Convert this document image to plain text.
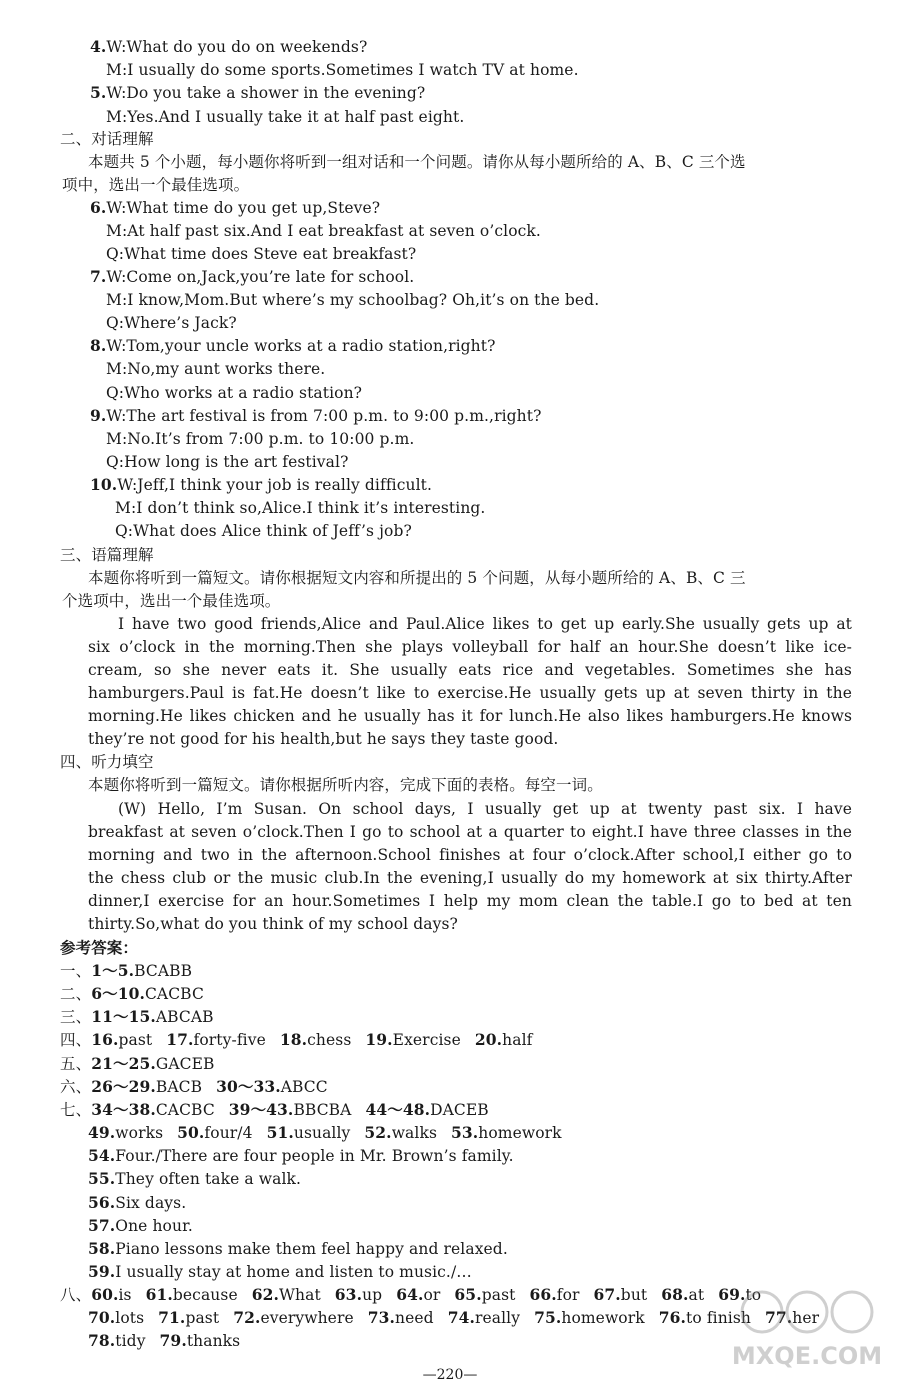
4.W:What do you do on weekends?
M:I usually do some sports.Sometimes I watch TV at home.
5.W:Do you take a shower in the evening?
M:Yes.And I usually take it at half past eight.
二、对话理解
本题共 5 个小题，每小题你将听到一组对话和一个问题。请你从每小题所给的 A、B、C 三个选
项中，选出一个最佳选项。
6.W:What time do you get up,Steve?
M:At half past six.And I eat breakfast at seven o’clock.
Q:What time does Steve eat breakfast?
7.W:Come on,Jack,you’re late for school.
M:I know,Mom.But where’s my schoolbag? Oh,it’s on the bed.
Q:Where’s Jack?
8.W:Tom,your uncle works at a radio station,right?
M:No,my aunt works there.
Q:Who works at a radio station?
9.W:The art festival is from 7:00 p.m. to 9:00 p.m.,right?
M:No.It’s from 7:00 p.m. to 10:00 p.m.
Q:How long is the art festival?
10.W:Jeff,I think your job is really difficult.
M:I don’t think so,Alice.I think it’s interesting.
Q:What does Alice think of Jeff’s job?
三、语篇理解
本题你将听到一篇短文。请你根据短文内容和所提出的 5 个问题，从每小题所给的 A、B、C 三
个选项中，选出一个最佳选项。
I have two good friends,Alice and Paul.Alice likes to get up early.She usually gets up at
six o’clock in the morning.Then she plays volleyball for half an hour.She doesn’t like ice-
cream, so she never eats it. She usually eats rice and vegetables. Sometimes she has
hamburgers.Paul is fat.He doesn’t like to exercise.He usually gets up at seven thirty in the
morning.He likes chicken and he usually has it for lunch.He also likes hamburgers.He knows
they’re not good for his health,but he says they taste good.
四、听力填空
本题你将听到一篇短文。请你根据所听内容，完成下面的表格。每空一词。
(W) Hello, I’m Susan. On school days, I usually get up at twenty past six. I have
breakfast at seven o’clock.Then I go to school at a quarter to eight.I have three classes in the
morning and two in the afternoon.School finishes at four o’clock.After school,I either go to
the chess club or the music club.In the evening,I usually do my homework at six thirty.After
dinner,I exercise for an hour.Sometimes I help my mom clean the table.I go to bed at ten
thirty.So,what do you think of my school days?
参考答案：
一、1～5.BCABB
二、6～10.CACBC
三、11～15.ABCAB
四、16.past 17.forty-five 18.chess 19.Exercise 20.half
五、21～25.GACEB
六、26～29.BACB 30～33.ABCC
七、34～38.CACBC 39～43.BBCBA 44～48.DACEB
49.works 50.four/4 51.usually 52.walks 53.homework
54.Four./There are four people in Mr. Brown’s family.
55.They often take a walk.
56.Six days.
57.One hour.
58.Piano lessons make them feel happy and relaxed.
59.I usually stay at home and listen to music./…
八、60.is 61.because 62.What 63.up 64.or 65.past 66.for 67.but 68.at 69.to
70.lots 71.past 72.everywhere 73.need 74.really 75.homework 76.to finish 77.her
78.tidy 79.thanks
MXQE.COM
—220—
